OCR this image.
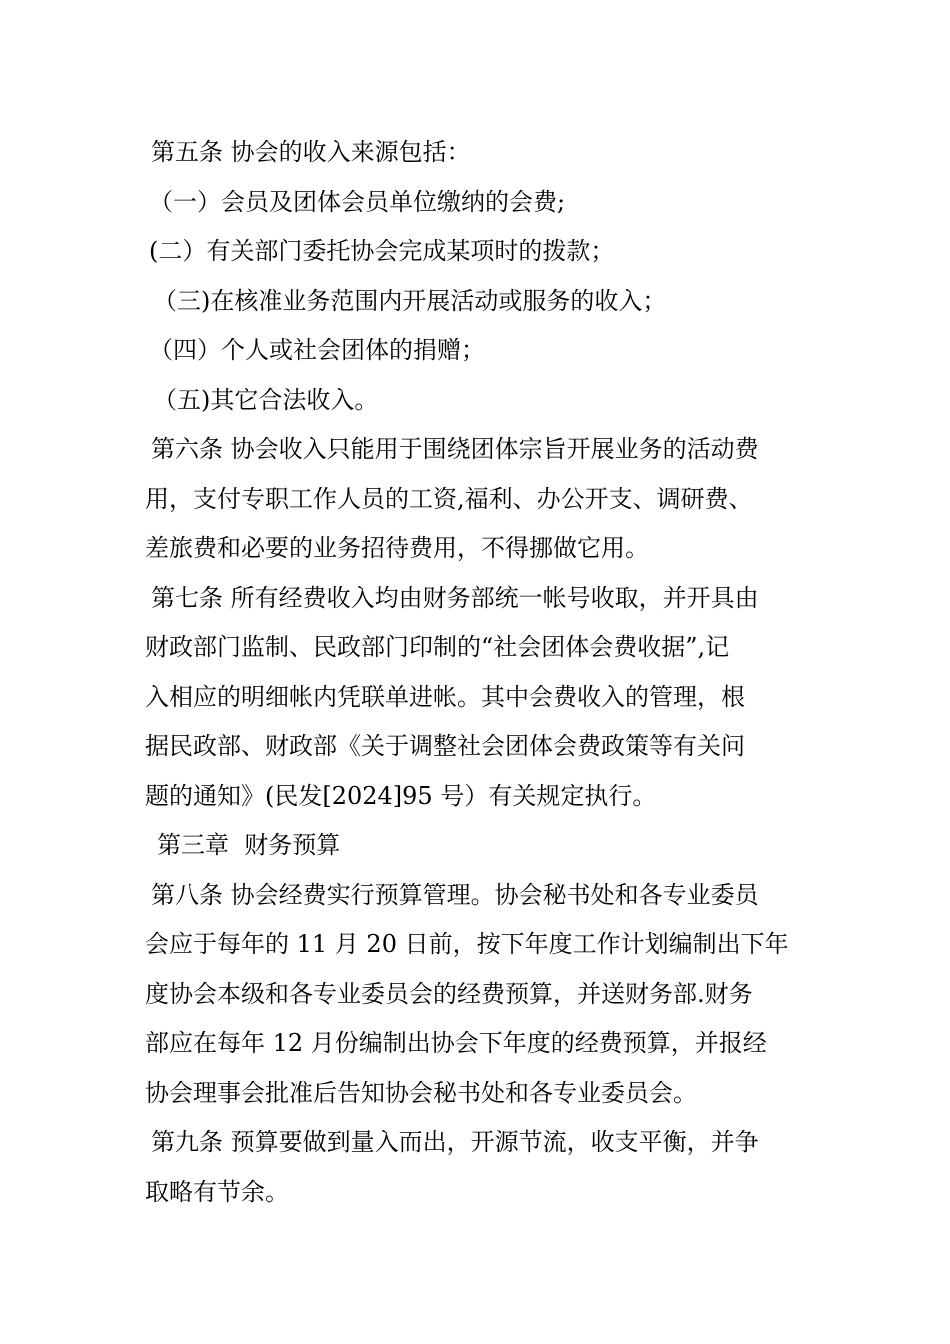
第五条 协会的收入来源包括：

（一）会员及团体会员单位缴纳的会费;

(二）有关部门委托协会完成某项时的拨款；

（三)在核准业务范围内开展活动或服务的收入；

（四）个人或社会团体的捐赠；

（五)其它合法收入。

第六条 协会收入只能用于围绕团体宗旨开展业务的活动费

用，支付专职工作人员的工资,福利、办公开支、调研费、

差旅费和必要的业务招待费用，不得挪做它用。

第七条 所有经费收入均由财务部统一帐号收取，并开具由

财政部门监制、民政部门印制的“社会团体会费收据”,记

入相应的明细帐内凭联单进帐。其中会费收入的管理，根

据民政部、财政部《关于调整社会团体会费政策等有关问

题的通知》(民发[2024]95 号）有关规定执行。

第三章  财务预算

第八条 协会经费实行预算管理。协会秘书处和各专业委员

会应于每年的 11 月 20 日前，按下年度工作计划编制出下年

度协会本级和各专业委员会的经费预算，并送财务部.财务

部应在每年 12 月份编制出协会下年度的经费预算，并报经

协会理事会批准后告知协会秘书处和各专业委员会。

第九条 预算要做到量入而出，开源节流，收支平衡，并争

取略有节余。
